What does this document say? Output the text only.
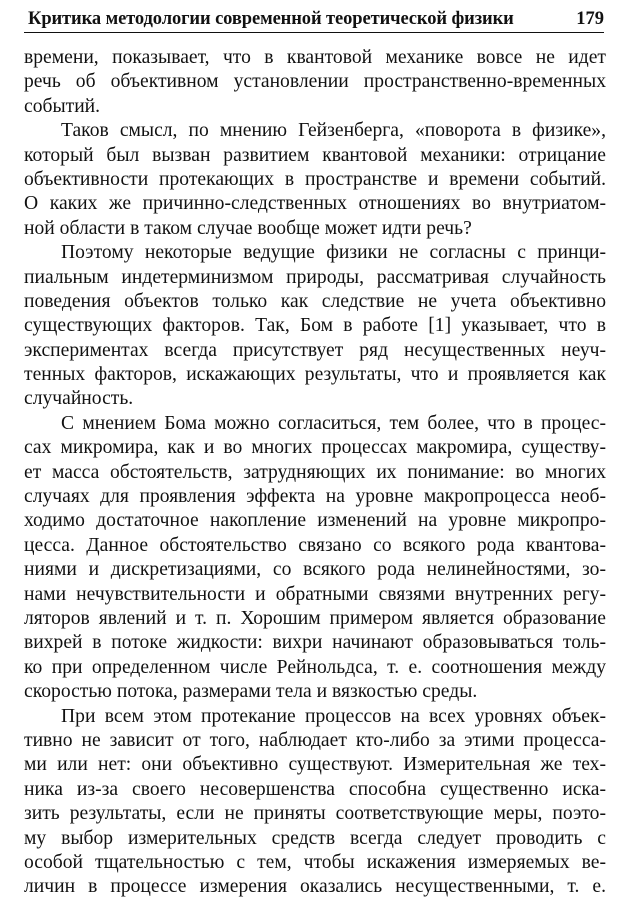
Критика методологии современной теоретической физики	179
времени, показывает, что в квантовой механике вовсе не идет
речь об объективном установлении пространственно-временных
событий.
Таков смысл, по мнению Гейзенберга, «поворота в физике»,
который был вызван развитием квантовой механики: отрицание
объективности протекающих в пространстве и времени событий.
О каких же причинно-следственных отношениях во внутриатом-
ной области в таком случае вообще может идти речь?
Поэтому некоторые ведущие физики не согласны с принци-
пиальным индетерминизмом природы, рассматривая случайность
поведения объектов только как следствие не учета объективно
существующих факторов. Так, Бом в работе [1] указывает, что в
экспериментах всегда присутствует ряд несущественных неуч-
тенных факторов, искажающих результаты, что и проявляется как
случайность.
С мнением Бома можно согласиться, тем более, что в процес-
сах микромира, как и во многих процессах макромира, существу-
ет масса обстоятельств, затрудняющих их понимание: во многих
случаях для проявления эффекта на уровне макропроцесса необ-
ходимо достаточное накопление изменений на уровне микропро-
цесса. Данное обстоятельство связано со всякого рода квантова-
ниями и дискретизациями, со всякого рода нелинейностями, зо-
нами нечувствительности и обратными связями внутренних регу-
ляторов явлений и т. п. Хорошим примером является образование
вихрей в потоке жидкости: вихри начинают образовываться толь-
ко при определенном числе Рейнольдса, т. е. соотношения между
скоростью потока, размерами тела и вязкостью среды.
При всем этом протекание процессов на всех уровнях объек-
тивно не зависит от того, наблюдает кто-либо за этими процесса-
ми или нет: они объективно существуют. Измерительная же тех-
ника из-за своего несовершенства способна существенно иска-
зить результаты, если не приняты соответствующие меры, поэто-
му выбор измерительных средств всегда следует проводить с
особой тщательностью с тем, чтобы искажения измеряемых ве-
личин в процессе измерения оказались несущественными, т. е.
